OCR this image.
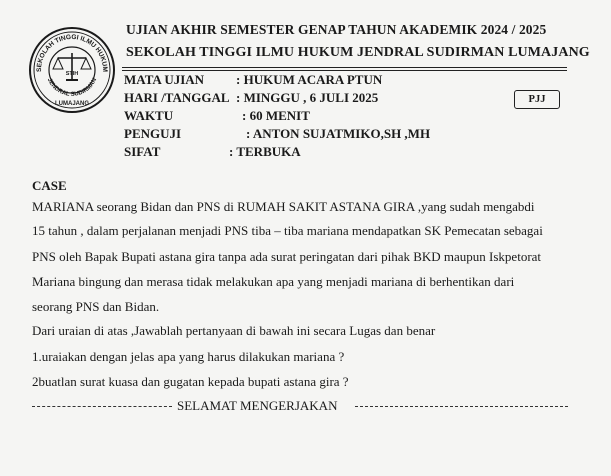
SEKOLAH TINGGI ILMU HUKUM
STIH
JENDRAL SUDIRMAN
LUMAJANG
UJIAN AKHIR SEMESTER GENAP TAHUN AKADEMIK 2024 / 2025
SEKOLAH TINGGI ILMU HUKUM JENDRAL SUDIRMAN LUMAJANG
MATA UJIAN : HUKUM ACARA PTUN
HARI /TANGGAL : MINGGU , 6 JULI 2025
WAKTU	: 60 MENIT
PENGUJI	: ANTON SUJATMIKO,SH ,MH
SIFAT	: TERBUKA
PJJ
CASE
MARIANA seorang Bidan dan PNS di RUMAH SAKIT ASTANA GIRA ,yang sudah mengabdi
15 tahun , dalam perjalanan menjadi PNS tiba – tiba mariana mendapatkan SK Pemecatan sebagai
PNS oleh Bapak Bupati astana gira tanpa ada surat peringatan dari pihak BKD maupun Iskpetorat
Mariana bingung dan merasa tidak melakukan apa yang menjadi mariana di berhentikan dari
seorang PNS dan Bidan.
Dari uraian di atas ,Jawablah pertanyaan di bawah ini secara Lugas dan benar
1.uraiakan dengan jelas apa yang harus dilakukan mariana ?
2buatlan surat kuasa dan gugatan kepada bupati astana gira ?
SELAMAT MENGERJAKAN
